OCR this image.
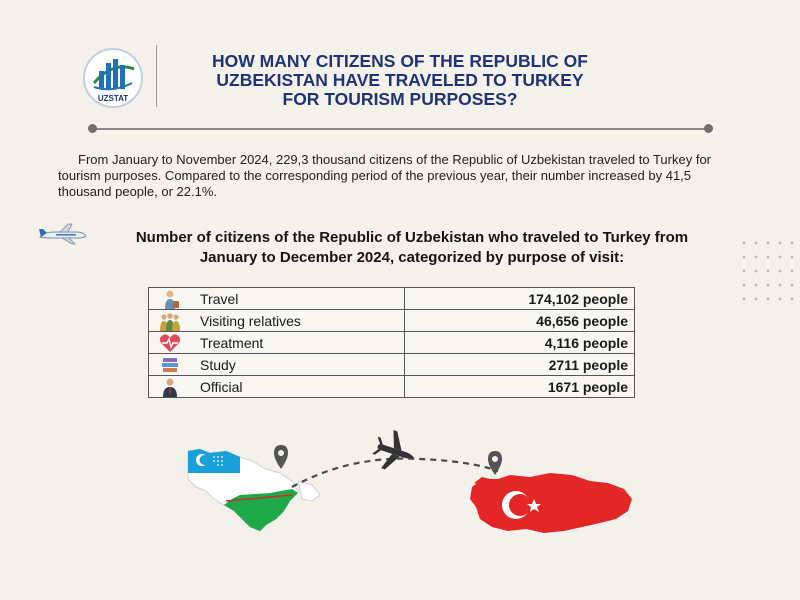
UZSTAT
HOW MANY CITIZENS OF THE REPUBLIC OF
UZBEKISTAN HAVE TRAVELED TO TURKEY
FOR TOURISM PURPOSES?
From January to November 2024, 229,3 thousand citizens of the Republic of Uzbekistan traveled to Turkey for tourism purposes. Compared to the corresponding period of the previous year, their number increased by 41,5 thousand people, or 22.1%.
Number of citizens of the Republic of Uzbekistan who traveled to Turkey from
January to December 2024, categorized by purpose of visit:
Travel	174,102 people

Visiting relatives	46,656 people

Treatment	4,116 people

Study	2711 people

Official	1671 people
